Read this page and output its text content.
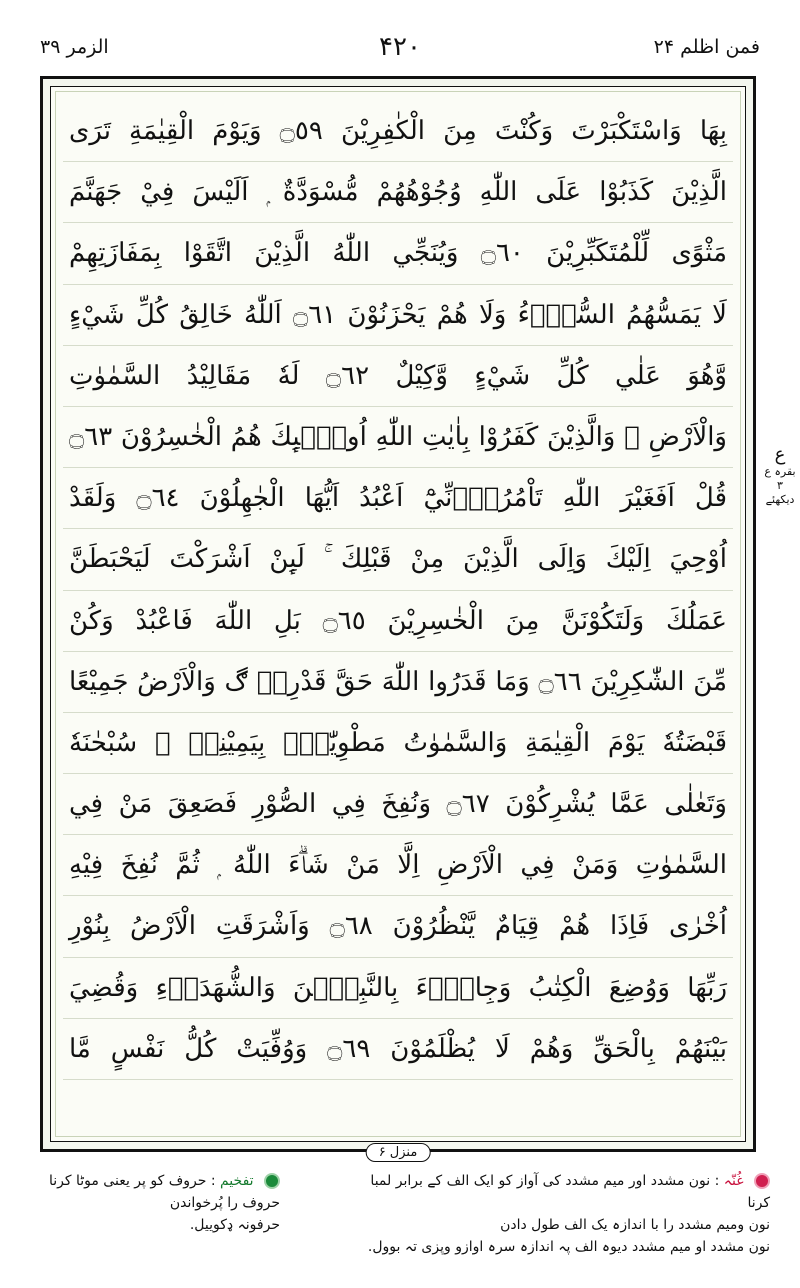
فمن اظلم ۲۴
۴۲۰
الزمر ۳۹
بِهَا وَاسْتَكْبَرْتَ وَكُنْتَ مِنَ الْكٰفِرِيْنَ ۝٥٩ وَيَوْمَ الْقِيٰمَةِ تَرَى
الَّذِيْنَ كَذَبُوْا عَلَى اللّٰهِ وُجُوْهُهُمْ مُّسْوَدَّةٌ ۭ اَلَيْسَ فِيْ جَهَنَّمَ
مَثْوًى لِّلْمُتَكَبِّرِيْنَ ۝٦٠ وَيُنَجِّي اللّٰهُ الَّذِيْنَ اتَّقَوْا بِمَفَازَتِهِمْ
لَا يَمَسُّهُمُ السُّوْۗءُ وَلَا هُمْ يَحْزَنُوْنَ ۝٦١ اَللّٰهُ خَالِقُ كُلِّ شَيْءٍ
وَّهُوَ عَلٰي كُلِّ شَيْءٍ وَّكِيْلٌ ۝٦٢ لَهٗ مَقَالِيْدُ السَّمٰوٰتِ
وَالْاَرْضِ ۭ وَالَّذِيْنَ كَفَرُوْا بِاٰيٰتِ اللّٰهِ اُولٰۗىِٕكَ هُمُ الْخٰسِرُوْنَ ۝٦٣
قُلْ اَفَغَيْرَ اللّٰهِ تَاْمُرُوْۗنِّيْٓ اَعْبُدُ اَيُّهَا الْجٰهِلُوْنَ ۝٦٤ وَلَقَدْ
اُوْحِيَ اِلَيْكَ وَاِلَى الَّذِيْنَ مِنْ قَبْلِكَ ۚ لَىِٕنْ اَشْرَكْتَ لَيَحْبَطَنَّ
عَمَلُكَ وَلَتَكُوْنَنَّ مِنَ الْخٰسِرِيْنَ ۝٦٥ بَلِ اللّٰهَ فَاعْبُدْ وَكُنْ
مِّنَ الشّٰكِرِيْنَ ۝٦٦ وَمَا قَدَرُوا اللّٰهَ حَقَّ قَدْرِهٖ ڰ وَالْاَرْضُ جَمِيْعًا
قَبْضَتُهٗ يَوْمَ الْقِيٰمَةِ وَالسَّمٰوٰتُ مَطْوِيّٰتٌۢ بِيَمِيْنِهٖ ۭ سُبْحٰنَهٗ
وَتَعٰلٰى عَمَّا يُشْرِكُوْنَ ۝٦٧ وَنُفِخَ فِي الصُّوْرِ فَصَعِقَ مَنْ فِي
السَّمٰوٰتِ وَمَنْ فِي الْاَرْضِ اِلَّا مَنْ شَاۗءَ اللّٰهُ ۭ ثُمَّ نُفِخَ فِيْهِ
اُخْرٰى فَاِذَا هُمْ قِيَامٌ يَّنْظُرُوْنَ ۝٦٨ وَاَشْرَقَتِ الْاَرْضُ بِنُوْرِ
رَبِّهَا وَوُضِعَ الْكِتٰبُ وَجِايْۗءَ بِالنَّبِيّٖنَ وَالشُّهَدَاۗءِ وَقُضِيَ
بَيْنَهُمْ بِالْحَقِّ وَهُمْ لَا يُظْلَمُوْنَ ۝٦٩ وَوُفِّيَتْ كُلُّ نَفْسٍ مَّا
منزل ۶
ع
بقرہ ع ۳ دیکھئے
غُنّہ : نون مشدد اور میم مشدد کی آواز کو ایک الف کے برابر لمبا کرنا
نون ومیم مشدد را با اندازہ یک الف طول دادن
نون مشدد او میم مشدد دیوہ الف پہ اندازہ سرہ اوازو وپزی تہ بوول.
تفخیم : حروف کو پر یعنی موٹا کرنا
حروف را پُرخواندن
حرفونہ ډکوییل.
